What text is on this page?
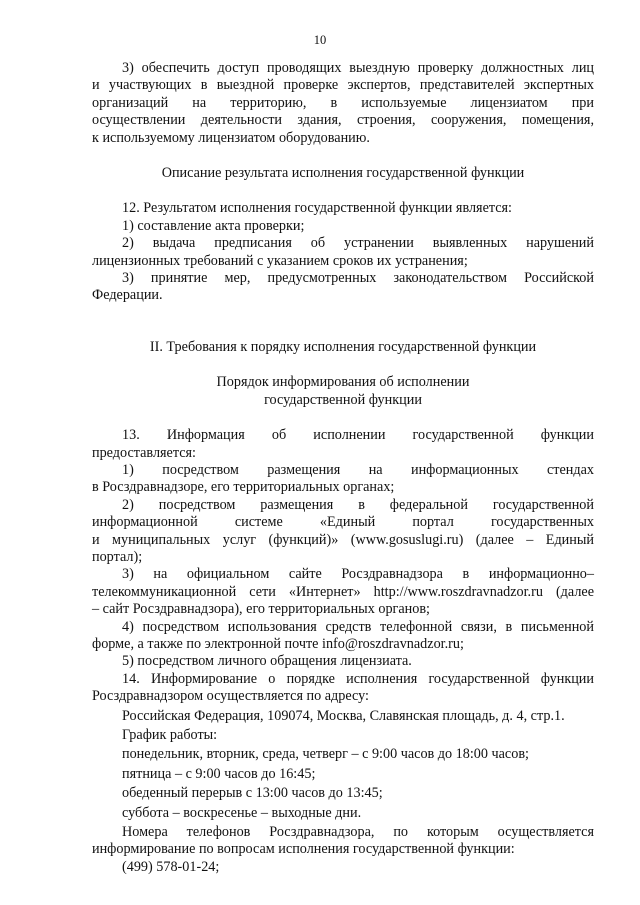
10
3) обеспечить доступ проводящих выездную проверку должностных лиц
и участвующих в выездной проверке экспертов, представителей экспертных
организаций на территорию, в используемые лицензиатом при
осуществлении деятельности здания, строения, сооружения, помещения,
к используемому лицензиатом оборудованию.
Описание результата исполнения государственной функции
12. Результатом исполнения государственной функции является:
1) составление акта проверки;
2) выдача предписания об устранении выявленных нарушений
лицензионных требований с указанием сроков их устранения;
3) принятие мер, предусмотренных законодательством Российской
Федерации.
II. Требования к порядку исполнения государственной функции
Порядок информирования об исполнении
государственной функции
13. Информация об исполнении государственной функции
предоставляется:
1) посредством размещения на информационных стендах
в Росздравнадзоре, его территориальных органах;
2) посредством размещения в федеральной государственной
информационной системе «Единый портал государственных
и муниципальных услуг (функций)» (www.gosuslugi.ru) (далее – Единый
портал);
3) на официальном сайте Росздравнадзора в информационно–
телекоммуникационной сети «Интернет» http://www.roszdravnadzor.ru (далее
– сайт Росздравнадзора), его территориальных органов;
4) посредством использования средств телефонной связи, в письменной
форме, а также по электронной почте info@roszdravnadzor.ru;
5) посредством личного обращения лицензиата.
14. Информирование о порядке исполнения государственной функции
Росздравнадзором осуществляется по адресу:
Российская Федерация, 109074, Москва, Славянская площадь, д. 4, стр.1.
График работы:
понедельник, вторник, среда, четверг – с 9:00 часов до 18:00 часов;
пятница – с 9:00 часов до 16:45;
обеденный перерыв с 13:00 часов до 13:45;
суббота – воскресенье – выходные дни.
Номера телефонов Росздравнадзора, по которым осуществляется
информирование по вопросам исполнения государственной функции:
(499) 578-01-24;
